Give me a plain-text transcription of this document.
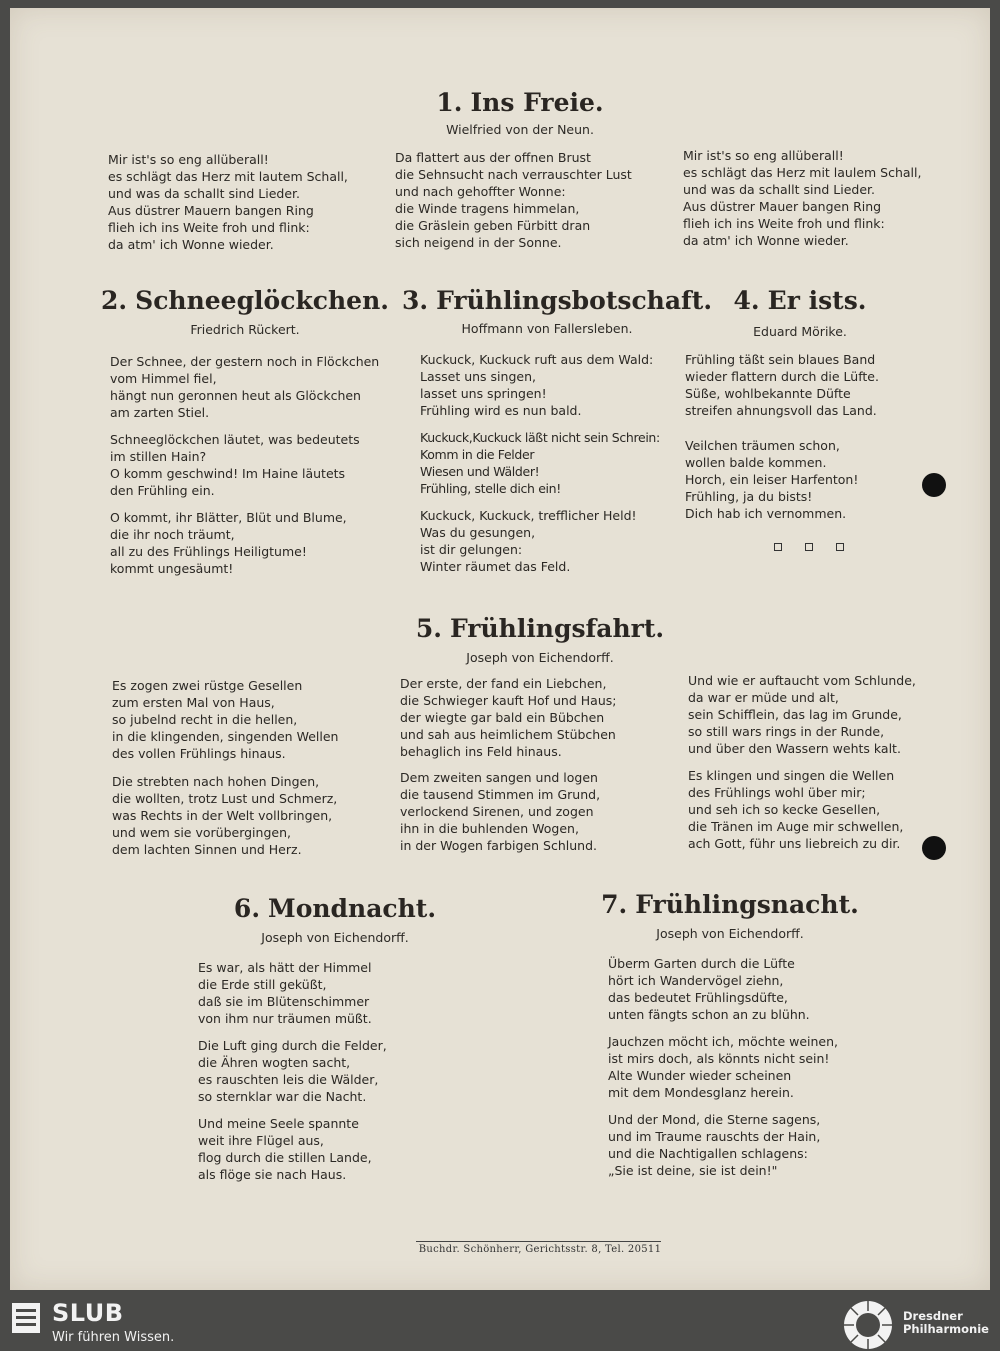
1. Ins Freie.
Wielfried von der Neun.
Mir ist's so eng allüberall!
es schlägt das Herz mit lautem Schall,
und was da schallt sind Lieder.
Aus düstrer Mauern bangen Ring
flieh ich ins Weite froh und flink:
da atm' ich Wonne wieder.
Da flattert aus der offnen Brust
die Sehnsucht nach verrauschter Lust
und nach gehoffter Wonne:
die Winde tragens himmelan,
die Gräslein geben Fürbitt dran
sich neigend in der Sonne.
Mir ist's so eng allüberall!
es schlägt das Herz mit laulem Schall,
und was da schallt sind Lieder.
Aus düstrer Mauer bangen Ring
flieh ich ins Weite froh und flink:
da atm' ich Wonne wieder.
2. Schneeglöckchen.
Friedrich Rückert.
Der Schnee, der gestern noch in Flöckchen
vom Himmel fiel,
hängt nun geronnen heut als Glöckchen
am zarten Stiel.
Schneeglöckchen läutet, was bedeutets
im stillen Hain?
O komm geschwind! Im Haine läutets
den Frühling ein.
O kommt, ihr Blätter, Blüt und Blume,
die ihr noch träumt,
all zu des Frühlings Heiligtume!
kommt ungesäumt!
3. Frühlingsbotschaft.
Hoffmann von Fallersleben.
Kuckuck, Kuckuck ruft aus dem Wald:
Lasset uns singen,
lasset uns springen!
Frühling wird es nun bald.
Kuckuck,Kuckuck läßt nicht sein Schrein:
Komm in die Felder
Wiesen und Wälder!
Frühling, stelle dich ein!
Kuckuck, Kuckuck, trefflicher Held!
Was du gesungen,
ist dir gelungen:
Winter räumet das Feld.
4. Er ists.
Eduard Mörike.
Frühling täßt sein blaues Band
wieder flattern durch die Lüfte.
Süße, wohlbekannte Düfte
streifen ahnungsvoll das Land.
Veilchen träumen schon,
wollen balde kommen.
Horch, ein leiser Harfenton!
Frühling, ja du bists!
Dich hab ich vernommen.
5. Frühlingsfahrt.
Joseph von Eichendorff.
Es zogen zwei rüstge Gesellen
zum ersten Mal von Haus,
so jubelnd recht in die hellen,
in die klingenden, singenden Wellen
des vollen Frühlings hinaus.
Die strebten nach hohen Dingen,
die wollten, trotz Lust und Schmerz,
was Rechts in der Welt vollbringen,
und wem sie vorübergingen,
dem lachten Sinnen und Herz.
Der erste, der fand ein Liebchen,
die Schwieger kauft Hof und Haus;
der wiegte gar bald ein Bübchen
und sah aus heimlichem Stübchen
behaglich ins Feld hinaus.
Dem zweiten sangen und logen
die tausend Stimmen im Grund,
verlockend Sirenen, und zogen
ihn in die buhlenden Wogen,
in der Wogen farbigen Schlund.
Und wie er auftaucht vom Schlunde,
da war er müde und alt,
sein Schifflein, das lag im Grunde,
so still wars rings in der Runde,
und über den Wassern wehts kalt.
Es klingen und singen die Wellen
des Frühlings wohl über mir;
und seh ich so kecke Gesellen,
die Tränen im Auge mir schwellen,
ach Gott, führ uns liebreich zu dir.
6. Mondnacht.
Joseph von Eichendorff.
Es war, als hätt der Himmel
die Erde still geküßt,
daß sie im Blütenschimmer
von ihm nur träumen müßt.
Die Luft ging durch die Felder,
die Ähren wogten sacht,
es rauschten leis die Wälder,
so sternklar war die Nacht.
Und meine Seele spannte
weit ihre Flügel aus,
flog durch die stillen Lande,
als flöge sie nach Haus.
7. Frühlingsnacht.
Joseph von Eichendorff.
Überm Garten durch die Lüfte
hört ich Wandervögel ziehn,
das bedeutet Frühlingsdüfte,
unten fängts schon an zu blühn.
Jauchzen möcht ich, möchte weinen,
ist mirs doch, als könnts nicht sein!
Alte Wunder wieder scheinen
mit dem Mondesglanz herein.
Und der Mond, die Sterne sagens,
und im Traume rauschts der Hain,
und die Nachtigallen schlagens:
„Sie ist deine, sie ist dein!"
Buchdr. Schönherr, Gerichtsstr. 8, Tel. 20511
SLUB
Wir führen Wissen.
Dresdner
Philharmonie
